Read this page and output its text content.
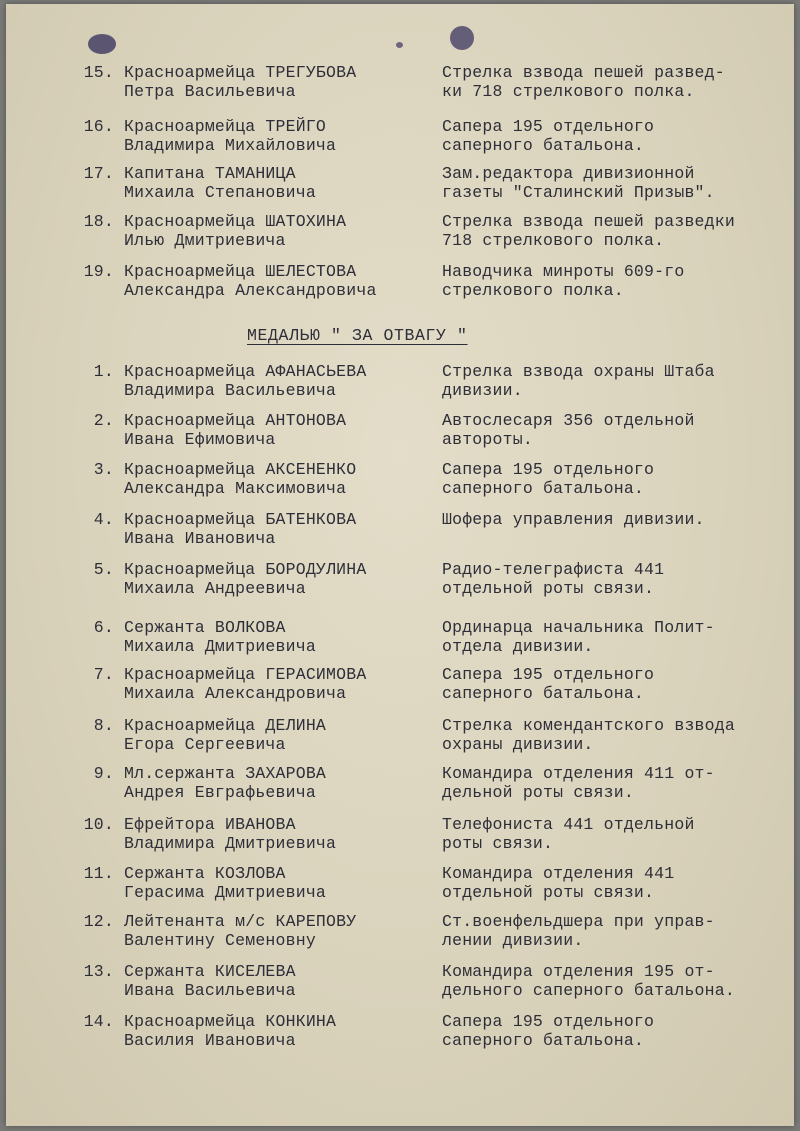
15. Красноармейца ТРЕГУБОВА
Петра Васильевича
Стрелка взвода пешей развед-
ки 718 стрелкового полка.
16. Красноармейца ТРЕЙГО
Владимира Михайловича
Сапера 195 отдельного
саперного батальона.
17. Капитана ТАМАНИЦА
Михаила Степановича
Зам.редактора дивизионной
газеты "Сталинский Призыв".
18. Красноармейца ШАТОХИНА
Илью Дмитриевича
Стрелка взвода пешей разведки
718 стрелкового полка.
19. Красноармейца ШЕЛЕСТОВА
Александра Александровича
Наводчика минроты 609-го
стрелкового полка.
МЕДАЛЬЮ " ЗА ОТВАГУ "
1. Красноармейца АФАНАСЬЕВА
Владимира Васильевича
Стрелка взвода охраны Штаба
дивизии.
2. Красноармейца АНТОНОВА
Ивана Ефимовича
Автослесаря 356 отдельной
автороты.
3. Красноармейца АКСЕНЕНКО
Александра Максимовича
Сапера 195 отдельного
саперного батальона.
4. Красноармейца БАТЕНКОВА
Ивана Ивановича
Шофера управления дивизии.
5. Красноармейца БОРОДУЛИНА
Михаила Андреевича
Радио-телеграфиста 441
отдельной роты связи.
6. Сержанта ВОЛКОВА
Михаила Дмитриевича
Ординарца начальника Полит-
отдела дивизии.
7. Красноармейца ГЕРАСИМОВА
Михаила Александровича
Сапера 195 отдельного
саперного батальона.
8. Красноармейца ДЕЛИНА
Егора Сергеевича
Стрелка комендантского взвода
охраны дивизии.
9. Мл.сержанта ЗАХАРОВА
Андрея Евграфьевича
Командира отделения 411 от-
дельной роты связи.
10. Ефрейтора ИВАНОВА
Владимира Дмитриевича
Телефониста 441 отдельной
роты связи.
11. Сержанта КОЗЛОВА
Герасима Дмитриевича
Командира отделения 441
отдельной роты связи.
12. Лейтенанта м/с КАРЕПОВУ
Валентину Семеновну
Ст.военфельдшера при управ-
лении дивизии.
13. Сержанта КИСЕЛЕВА
Ивана Васильевича
Командира отделения 195 от-
дельного саперного батальона.
14. Красноармейца КОНКИНА
Василия Ивановича
Сапера 195 отдельного
саперного батальона.
